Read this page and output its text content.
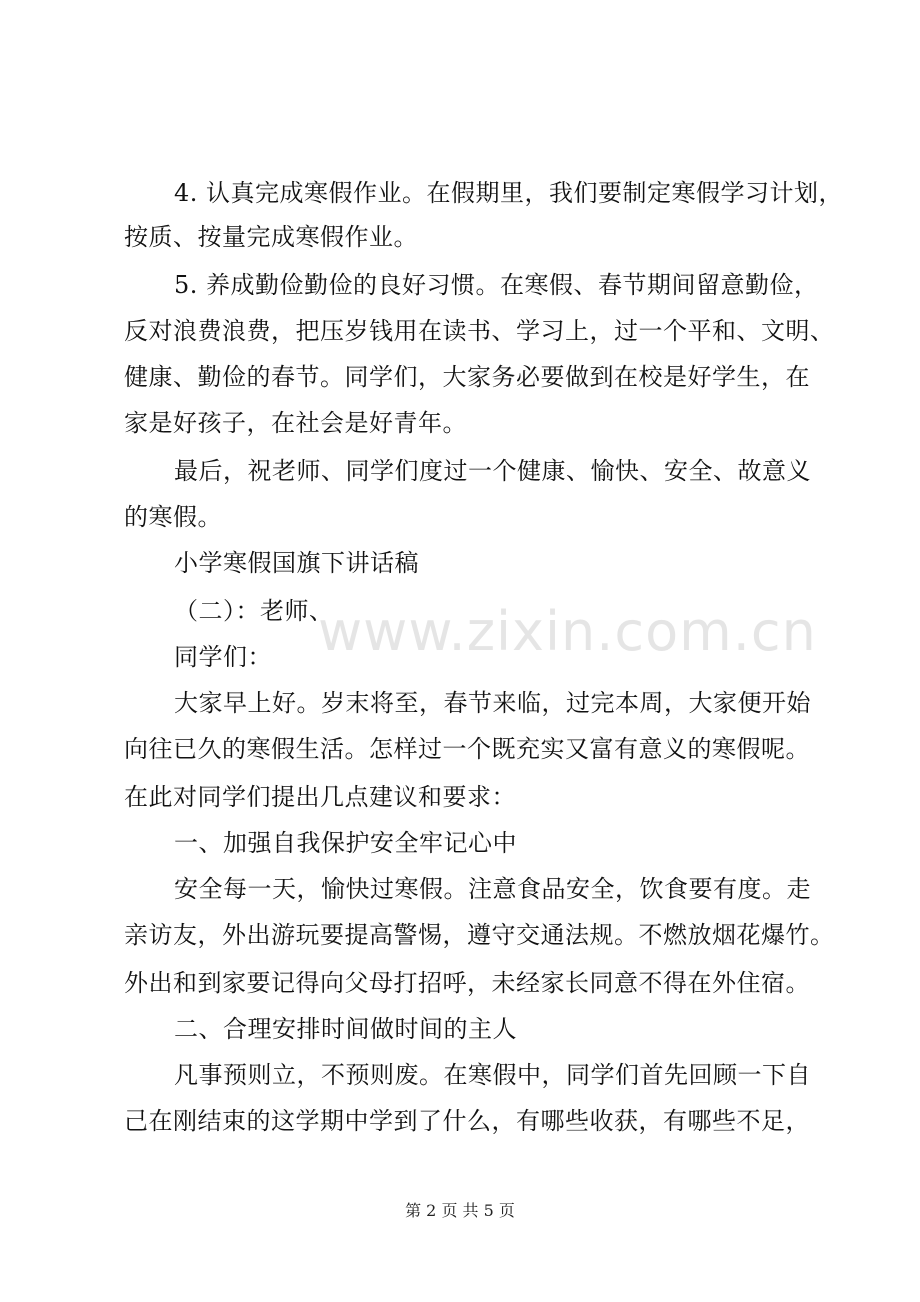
4. 认真完成寒假作业。在假期里，我们要制定寒假学习计划，
按质、按量完成寒假作业。
5. 养成勤俭勤俭的良好习惯。在寒假、春节期间留意勤俭，
反对浪费浪费，把压岁钱用在读书、学习上，过一个平和、文明、
健康、勤俭的春节。同学们，大家务必要做到在校是好学生，在
家是好孩子，在社会是好青年。
最后，祝老师、同学们度过一个健康、愉快、安全、故意义
的寒假。
小学寒假国旗下讲话稿
（二）：老师、
同学们：
大家早上好。岁末将至，春节来临，过完本周，大家便开始
向往已久的寒假生活。怎样过一个既充实又富有意义的寒假呢。
在此对同学们提出几点建议和要求：
一、加强自我保护安全牢记心中
安全每一天，愉快过寒假。注意食品安全，饮食要有度。走
亲访友，外出游玩要提高警惕，遵守交通法规。不燃放烟花爆竹。
外出和到家要记得向父母打招呼，未经家长同意不得在外住宿。
二、合理安排时间做时间的主人
凡事预则立，不预则废。在寒假中，同学们首先回顾一下自
己在刚结束的这学期中学到了什么，有哪些收获，有哪些不足，
www.zixin.com.cn
第 2 页 共 5 页
